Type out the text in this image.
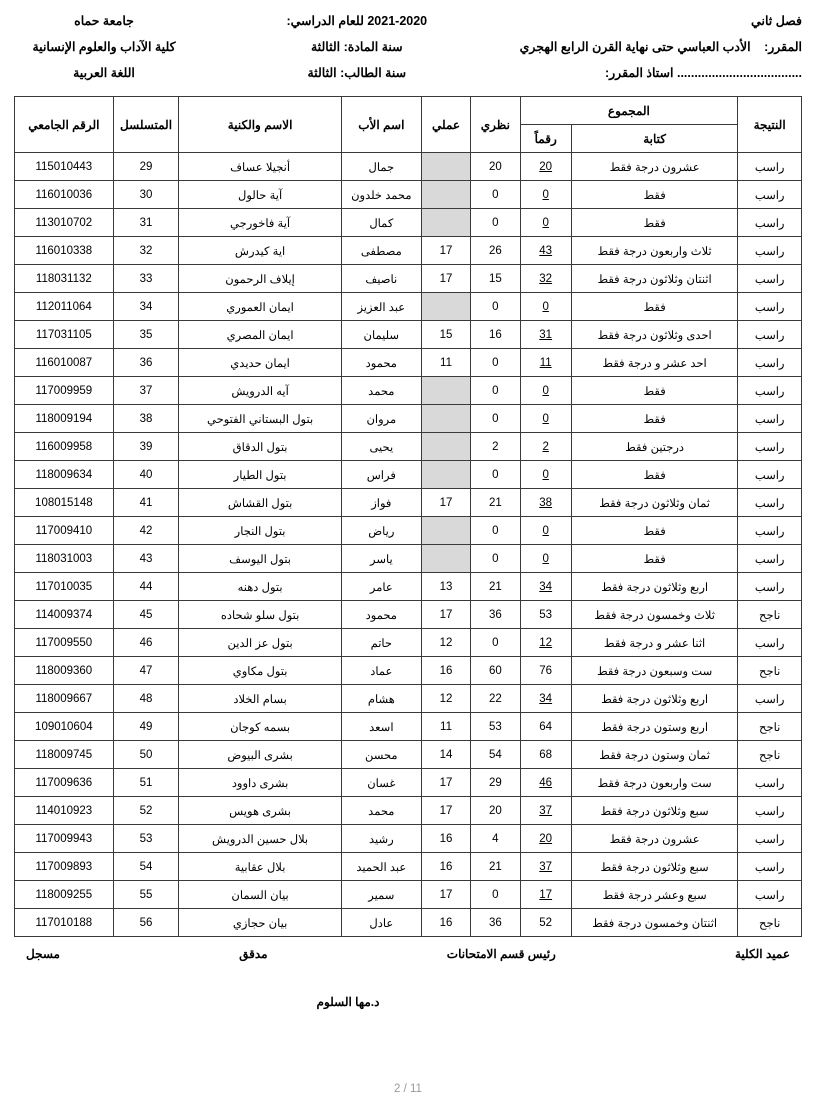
فصل ثاني
المقرر: الأدب العباسي حتى نهاية القرن الرابع الهجري
.................................... استاذ المقرر:
2021-2020 للعام الدراسي:
سنة المادة: الثالثة
سنة الطالب: الثالثة
جامعة حماه
كلية الآداب والعلوم الإنسانية
اللغة العربية
النتيجة	المجموع		نظري	عملي	اسم الأب	الاسم والكنية	المتسلسل	الرقم الجامعي
	كتابة	رقماً						
راسب	عشرون درجة فقط	20	20		جمال	أنجيلا عساف	29	115010443
راسب	فقط	0	0		محمد خلدون	آية حالول	30	116010036
راسب	فقط	0	0		كمال	آية فاخورجي	31	113010702
راسب	ثلاث واربعون درجة فقط	43	26	17	مصطفى	اية كيدرش	32	116010338
راسب	اثنتان وثلاثون درجة فقط	32	15	17	ناصيف	إيلاف الرحمون	33	118031132
راسب	فقط	0	0		عبد العزيز	ايمان العموري	34	112011064
راسب	احدى وثلاثون درجة فقط	31	16	15	سليمان	ايمان المصري	35	117031105
راسب	احد عشر و درجة فقط	11	0	11	محمود	ايمان حديدي	36	116010087
راسب	فقط	0	0		محمد	آيه الدرويش	37	117009959
راسب	فقط	0	0		مروان	بتول البستاني الفتوحي	38	118009194
راسب	درجتين فقط	2	2		يحيى	بتول الدقاق	39	116009958
راسب	فقط	0	0		فراس	بتول الطيار	40	118009634
راسب	ثمان وثلاثون درجة فقط	38	21	17	فواز	بتول القشاش	41	108015148
راسب	فقط	0	0		رياض	بتول النجار	42	117009410
راسب	فقط	0	0		ياسر	بتول اليوسف	43	118031003
راسب	اربع وثلاثون درجة فقط	34	21	13	عامر	بتول دهنه	44	117010035
ناجح	ثلاث وخمسون درجة فقط	53	36	17	محمود	بتول سلو شحاده	45	114009374
راسب	اثنا عشر و درجة فقط	12	0	12	حاتم	بتول عز الدين	46	117009550
ناجح	ست وسبعون درجة فقط	76	60	16	عماد	بتول مكاوي	47	118009360
راسب	اربع وثلاثون درجة فقط	34	22	12	هشام	بسام الخلاد	48	118009667
ناجح	اربع وستون درجة فقط	64	53	11	اسعد	بسمه كوجان	49	109010604
ناجح	ثمان وستون درجة فقط	68	54	14	محسن	بشرى البيوض	50	118009745
راسب	ست واربعون درجة فقط	46	29	17	غسان	بشرى داوود	51	117009636
راسب	سبع وثلاثون درجة فقط	37	20	17	محمد	بشرى هويس	52	114010923
راسب	عشرون درجة فقط	20	4	16	رشيد	بلال حسين الدرويش	53	117009943
راسب	سبع وثلاثون درجة فقط	37	21	16	عبد الحميد	بلال عقابية	54	117009893
راسب	سبع وعشر درجة فقط	17	0	17	سمير	بيان السمان	55	118009255
ناجح	اثنتان وخمسون درجة فقط	52	36	16	عادل	بيان حجازي	56	117010188
عميد الكلية
رئيس قسم الامتحانات
مدقق
مسجل
د.مها السلوم
2 / 11
